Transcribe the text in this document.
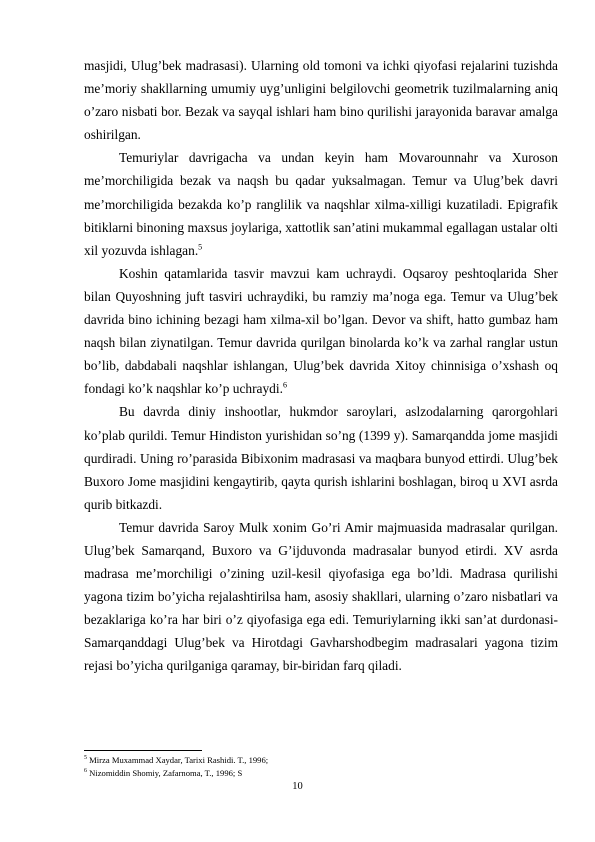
masjidi, Ulug’bek madrasasi). Ularning old tomoni va ichki qiyofasi rejalarini tuzishda me’moriy shakllarning umumiy uyg’unligini belgilovchi geometrik tuzilmalarning aniq o’zaro nisbati bor. Bezak va sayqal ishlari ham bino qurilishi jarayonida baravar amalga oshirilgan.

Temuriylar davrigacha va undan keyin ham Movarounnahr va Xuroson me’morchiligida bezak va naqsh bu qadar yuksalmagan. Temur va Ulug’bek davri me’morchiligida bezakda ko’p ranglilik va naqshlar xilma-xilligi kuzatiladi. Epigrafik bitiklarni binoning maxsus joylariga, xattotlik san’atini mukammal egallagan ustalar olti xil yozuvda ishlagan.$^5$

Koshin qatamlarida tasvir mavzui kam uchraydi. Oqsaroy peshtoqlarida Sher bilan Quyoshning juft tasviri uchraydiki, bu ramziy ma’noga ega. Temur va Ulug’bek davrida bino ichining bezagi ham xilma-xil bo’lgan. Devor va shift, hatto gumbaz ham naqsh bilan ziynatilgan. Temur davrida qurilgan binolarda ko’k va zarhal ranglar ustun bo’lib, dabdabali naqshlar ishlangan, Ulug’bek davrida Xitoy chinnisiga o’xshash oq fondagi ko’k naqshlar ko’p uchraydi.$^6$

Bu davrda diniy inshootlar, hukmdor saroylari, aslzodalarning qarorgohlari ko’plab qurildi. Temur Hindiston yurishidan so’ng (1399 y). Samarqandda jome masjidi qurdiradi. Uning ro’parasida Bibixonim madrasasi va maqbara bunyod ettirdi. Ulug’bek Buxoro Jome masjidini kengaytirib, qayta qurish ishlarini boshlagan, biroq u XVI asrda qurib bitkazdi.

Temur davrida Saroy Mulk xonim Go’ri Amir majmuasida madrasalar qurilgan. Ulug’bek Samarqand, Buxoro va G’ijduvonda madrasalar bunyod etirdi. XV asrda madrasa me’morchiligi o’zining uzil-kesil qiyofasiga ega bo’ldi. Madrasa qurilishi yagona tizim bo’yicha rejalashtirilsa ham, asosiy shakllari, ularning o’zaro nisbatlari va bezaklariga ko’ra har biri o’z qiyofasiga ega edi. Temuriylarning ikki san’at durdonasi-Samarqanddagi Ulug’bek va Hirotdagi Gavharshodbegim madrasalari yagona tizim rejasi bo’yicha qurilganiga qaramay, bir-biridan farq qiladi.

$^5$ Mirza Muxammad Xaydar, Tarixi Rashidi. T., 1996;

$^6$ Nizomiddin Shomiy, Zafarnoma, T., 1996; S

10
